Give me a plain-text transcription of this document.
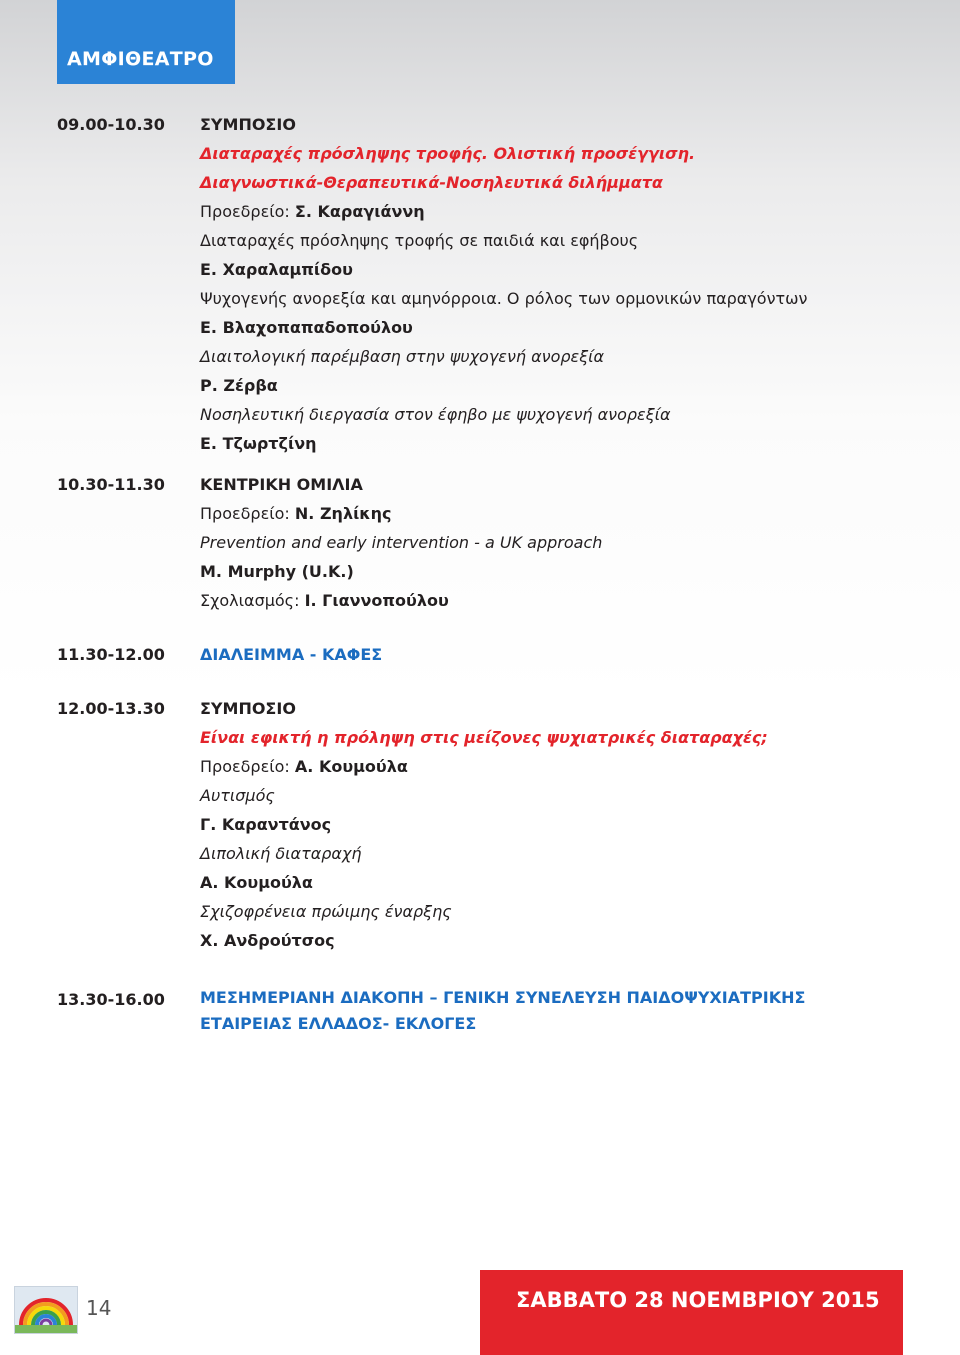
ΑΜΦΙΘΕΑΤΡΟ
09.00-10.30	ΣΥΜΠΟΣΙΟ
Διαταραχές πρόσληψης τροφής. Ολιστική προσέγγιση.
Διαγνωστικά-Θεραπευτικά-Νοσηλευτικά διλήμματα
Προεδρείο: Σ. Καραγιάννη
Διαταραχές πρόσληψης τροφής σε παιδιά και εφήβους
Ε. Χαραλαμπίδου
Ψυχογενής ανορεξία και αμηνόρροια. Ο ρόλος των ορμονικών παραγόντων
Ε. Βλαχοπαπαδοπούλου
Διαιτολογική παρέμβαση στην ψυχογενή ανορεξία
Ρ. Ζέρβα
Νοσηλευτική διεργασία στον έφηβο με ψυχογενή ανορεξία
Ε. Τζωρτζίνη
10.30-11.30	ΚΕΝΤΡΙΚΗ ΟΜΙΛΙΑ
Προεδρείο: Ν. Ζηλίκης
Prevention and early intervention - a UK approach
M. Murphy (U.K.)
Σχολιασμός: Ι. Γιαννοπούλου
11.30-12.00	ΔΙΑΛΕΙΜΜΑ - ΚΑΦΕΣ
12.00-13.30	ΣΥΜΠΟΣΙΟ
Είναι εφικτή η πρόληψη στις μείζονες ψυχιατρικές διαταραχές;
Προεδρείο: Α. Κουμούλα
Αυτισμός
Γ. Καραντάνος
Διπολική διαταραχή
Α. Κουμούλα
Σχιζοφρένεια πρώιμης έναρξης
Χ. Ανδρούτσος
13.30-16.00	ΜΕΣΗΜΕΡΙΑΝΗ ΔΙΑΚΟΠΗ – ΓΕΝΙΚΗ ΣΥΝΕΛΕΥΣΗ ΠΑΙΔΟΨΥΧΙΑΤΡΙΚΗΣ ΕΤΑΙΡΕΙΑΣ ΕΛΛΑΔΟΣ- ΕΚΛΟΓΕΣ
14	ΣΑΒΒΑΤΟ 28 ΝΟΕΜΒΡΙΟΥ 2015
